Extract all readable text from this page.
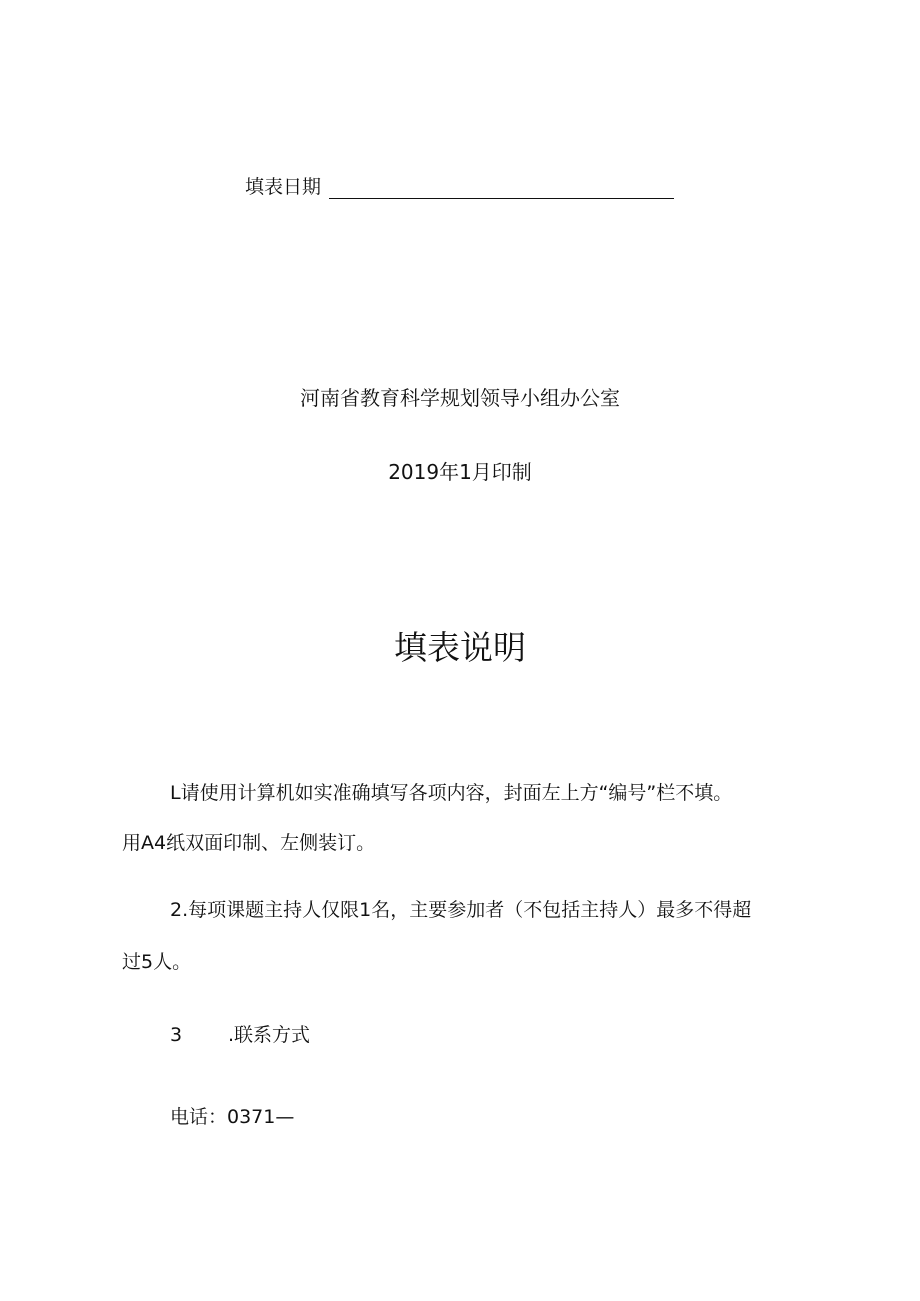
填表日期
河南省教育科学规划领导小组办公室
2019年1月印制
填表说明
L请使用计算机如实准确填写各项内容，封面左上方“编号”栏不填。
用A4纸双面印制、左侧装订。
2.每项课题主持人仅限1名，主要参加者（不包括主持人）最多不得超
过5人。
3 .联系方式
电话：0371—
